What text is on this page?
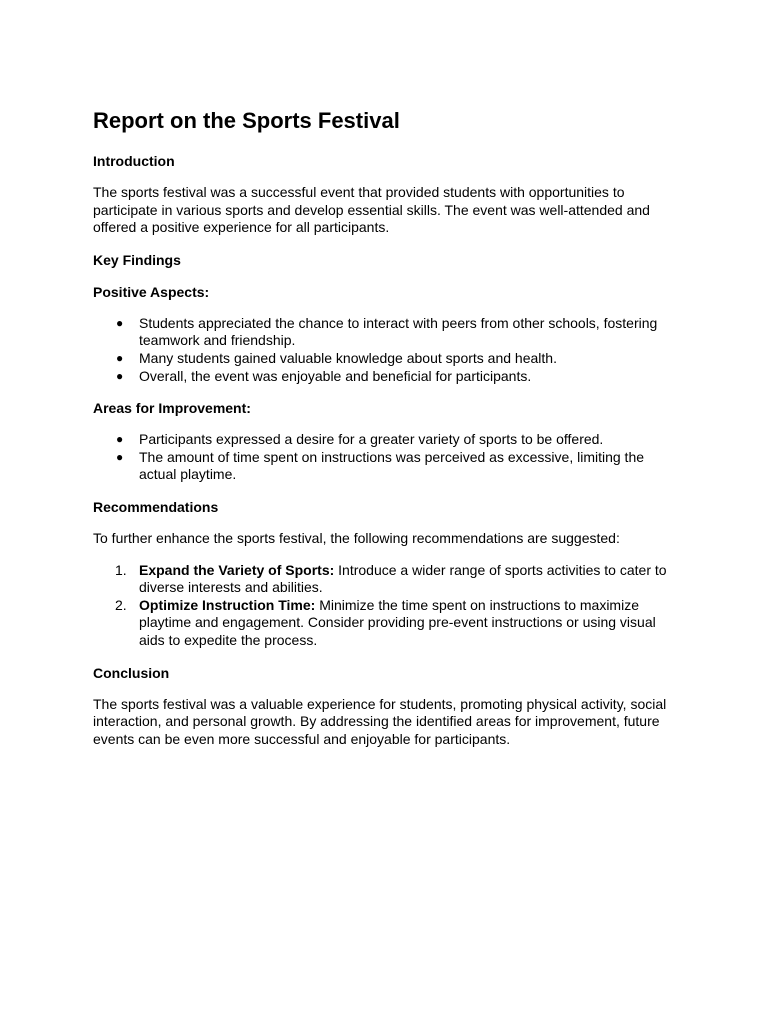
Report on the Sports Festival
Introduction

The sports festival was a successful event that provided students with opportunities to participate in various sports and develop essential skills. The event was well-attended and offered a positive experience for all participants.

Key Findings
Positive Aspects:
●	Students appreciated the chance to interact with peers from other schools, fostering teamwork and friendship.
●	Many students gained valuable knowledge about sports and health.
●	Overall, the event was enjoyable and beneficial for participants.
Areas for Improvement:
●	Participants expressed a desire for a greater variety of sports to be offered.
●	The amount of time spent on instructions was perceived as excessive, limiting the actual playtime.
Recommendations

To further enhance the sports festival, the following recommendations are suggested:

1. Expand the Variety of Sports: Introduce a wider range of sports activities to cater to diverse interests and abilities.
2. Optimize Instruction Time: Minimize the time spent on instructions to maximize playtime and engagement. Consider providing pre-event instructions or using visual aids to expedite the process.
Conclusion

The sports festival was a valuable experience for students, promoting physical activity, social interaction, and personal growth. By addressing the identified areas for improvement, future events can be even more successful and enjoyable for participants.
